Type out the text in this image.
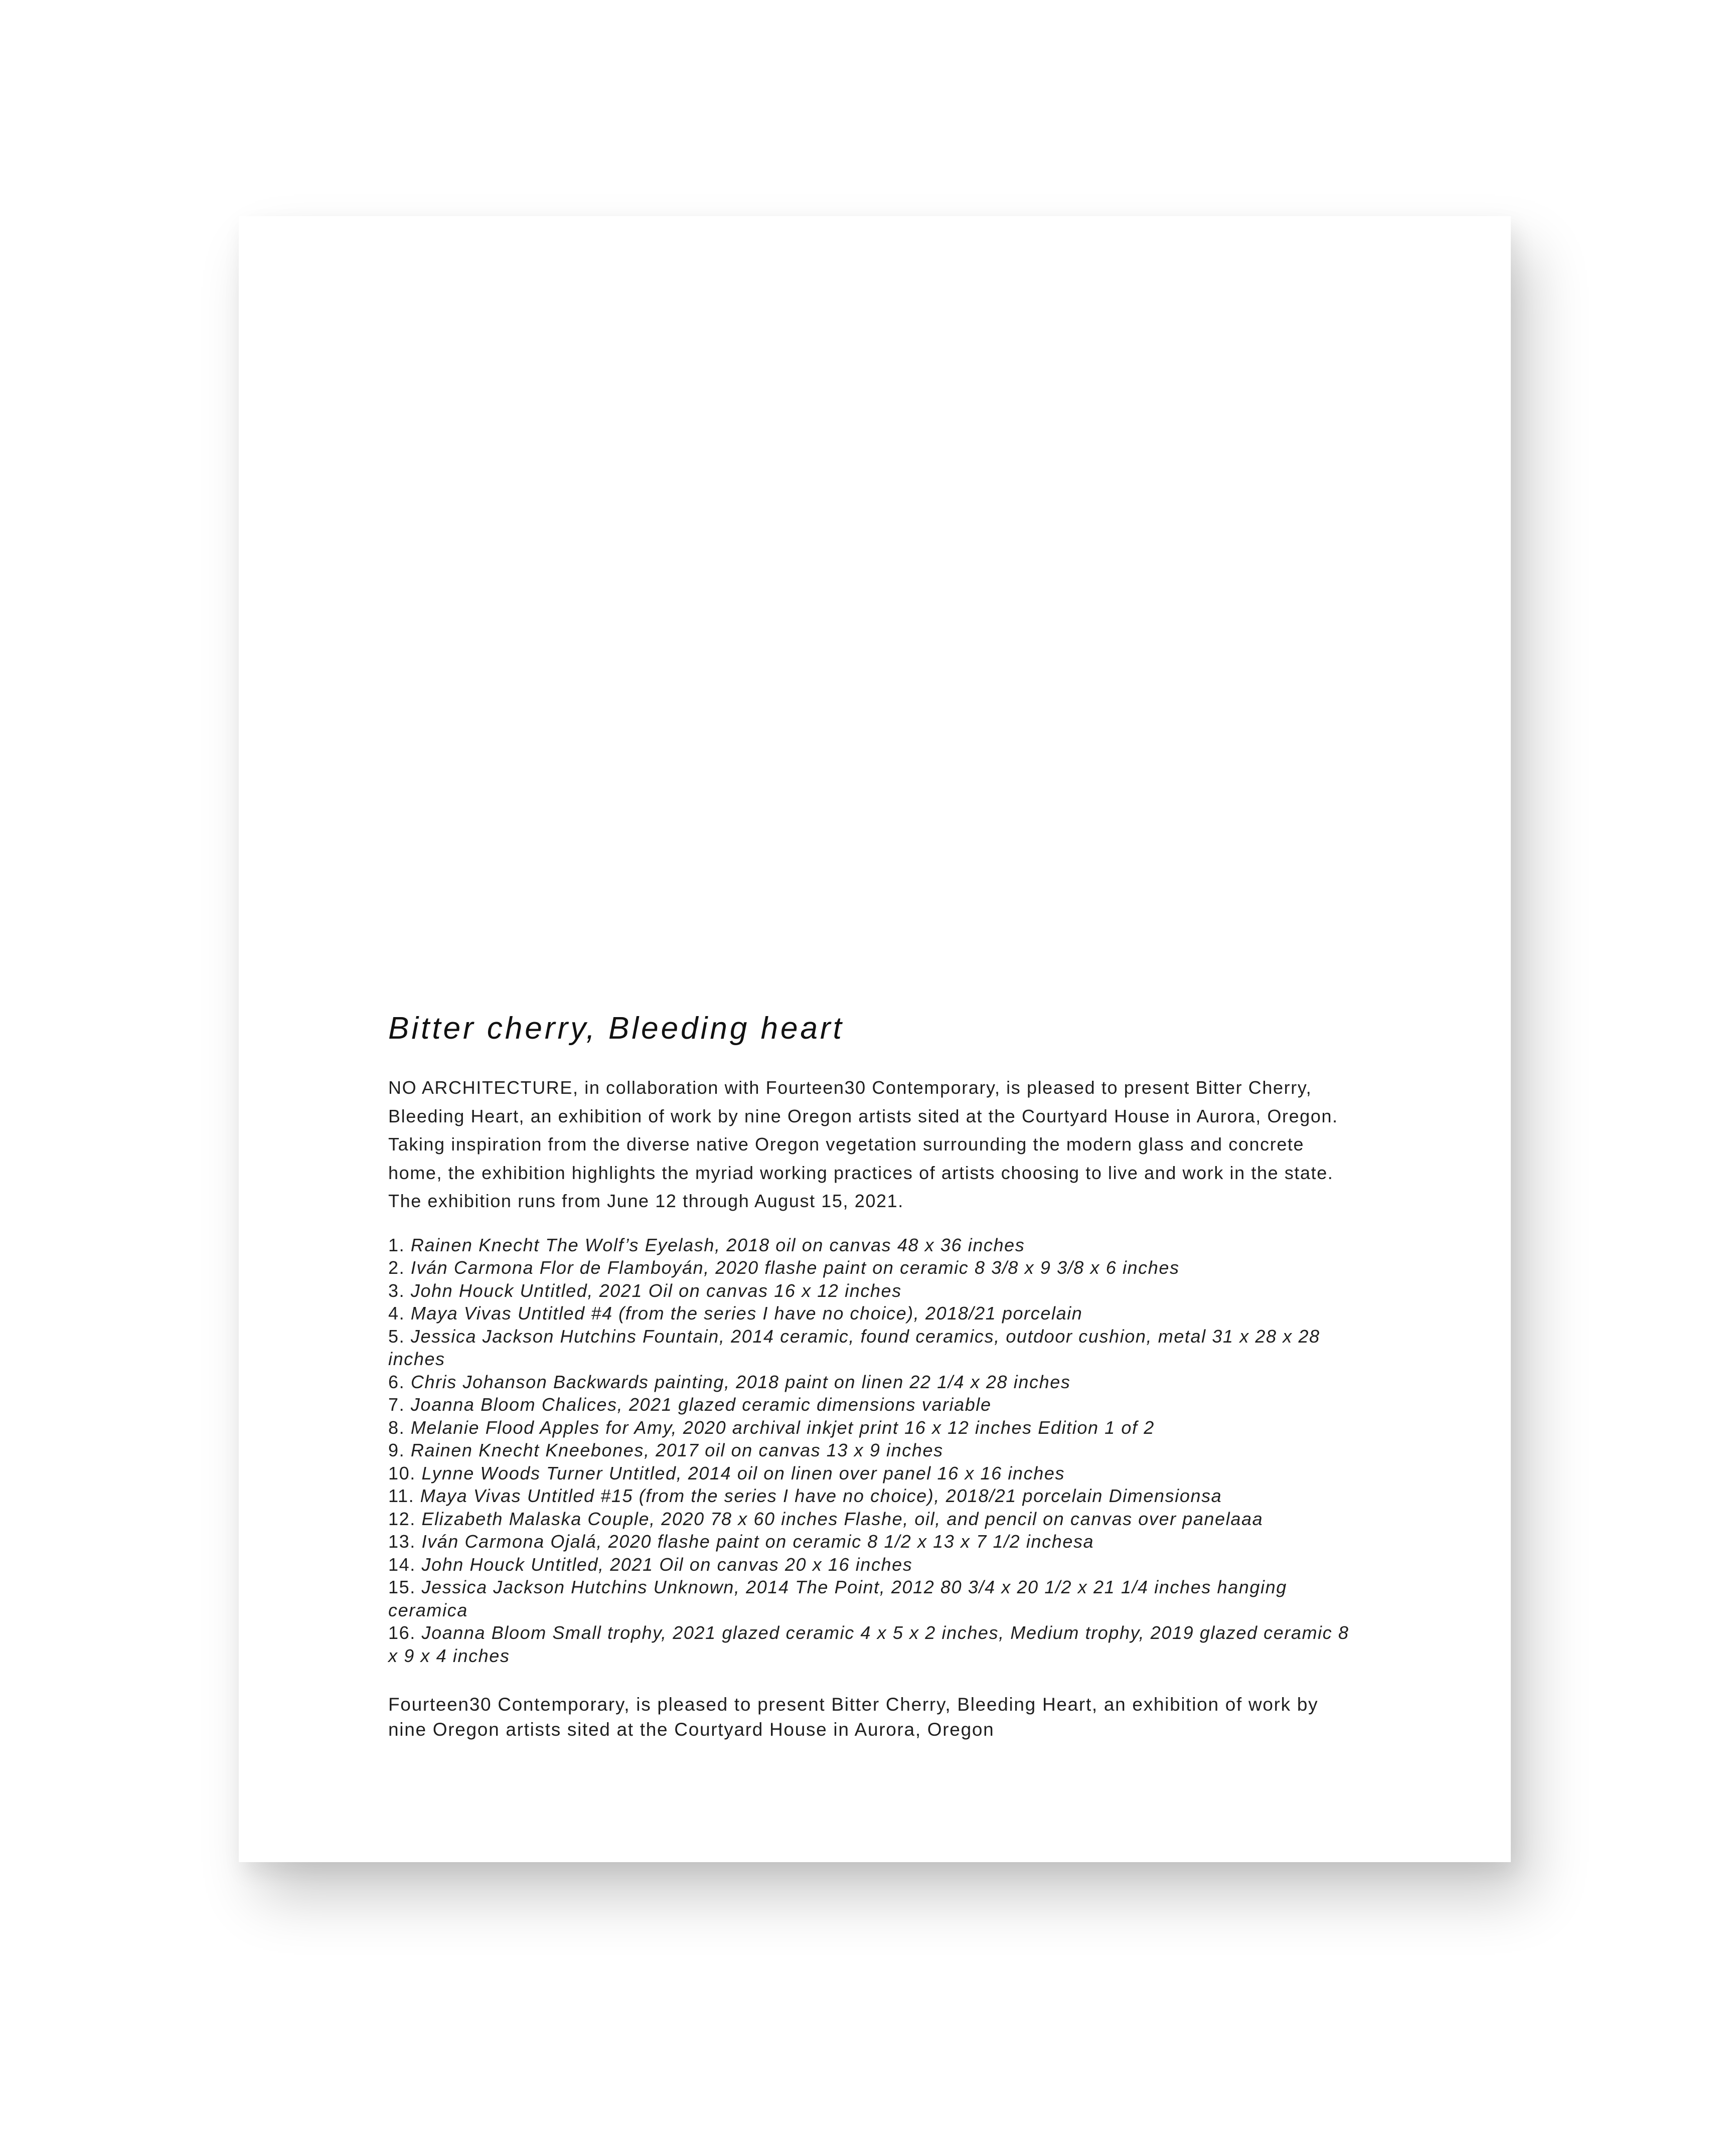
Bitter cherry, Bleeding heart

NO ARCHITECTURE, in collaboration with Fourteen30 Contemporary, is pleased to present Bitter Cherry, Bleeding Heart, an exhibition of work by nine Oregon artists sited at the Courtyard House in Aurora, Oregon. Taking inspiration from the diverse native Oregon vegetation surrounding the modern glass and concrete home, the exhibition highlights the myriad working practices of artists choosing to live and work in the state. The exhibition runs from June 12 through August 15, 2021.

1. Rainen Knecht The Wolf’s Eyelash, 2018 oil on canvas 48 x 36 inches
2. Iván Carmona Flor de Flamboyán, 2020 flashe paint on ceramic 8 3/8 x 9 3/8 x 6 inches
3. John Houck Untitled, 2021 Oil on canvas 16 x 12 inches
4. Maya Vivas Untitled #4 (from the series I have no choice), 2018/21 porcelain
5. Jessica Jackson Hutchins Fountain, 2014 ceramic, found ceramics, outdoor cushion, metal 31 x 28 x 28 inches
6. Chris Johanson Backwards painting, 2018 paint on linen 22 1/4 x 28 inches
7. Joanna Bloom Chalices, 2021 glazed ceramic dimensions variable
8. Melanie Flood Apples for Amy, 2020 archival inkjet print 16 x 12 inches Edition 1 of 2
9. Rainen Knecht Kneebones, 2017 oil on canvas 13 x 9 inches
10. Lynne Woods Turner Untitled, 2014 oil on linen over panel 16 x 16 inches
11. Maya Vivas Untitled #15 (from the series I have no choice), 2018/21 porcelain Dimensionsa
12. Elizabeth Malaska Couple, 2020 78 x 60 inches Flashe, oil, and pencil on canvas over panelaaa
13. Iván Carmona Ojalá, 2020 flashe paint on ceramic 8 1/2 x 13 x 7 1/2 inchesa
14. John Houck Untitled, 2021 Oil on canvas 20 x 16 inches
15. Jessica Jackson Hutchins Unknown, 2014 The Point, 2012 80 3/4 x 20 1/2 x 21 1/4 inches hanging ceramica
16. Joanna Bloom Small trophy, 2021 glazed ceramic 4 x 5 x 2 inches, Medium trophy, 2019 glazed ceramic 8 x 9 x 4 inches

Fourteen30 Contemporary, is pleased to present Bitter Cherry, Bleeding Heart, an exhibition of work by nine Oregon artists sited at the Courtyard House in Aurora, Oregon
